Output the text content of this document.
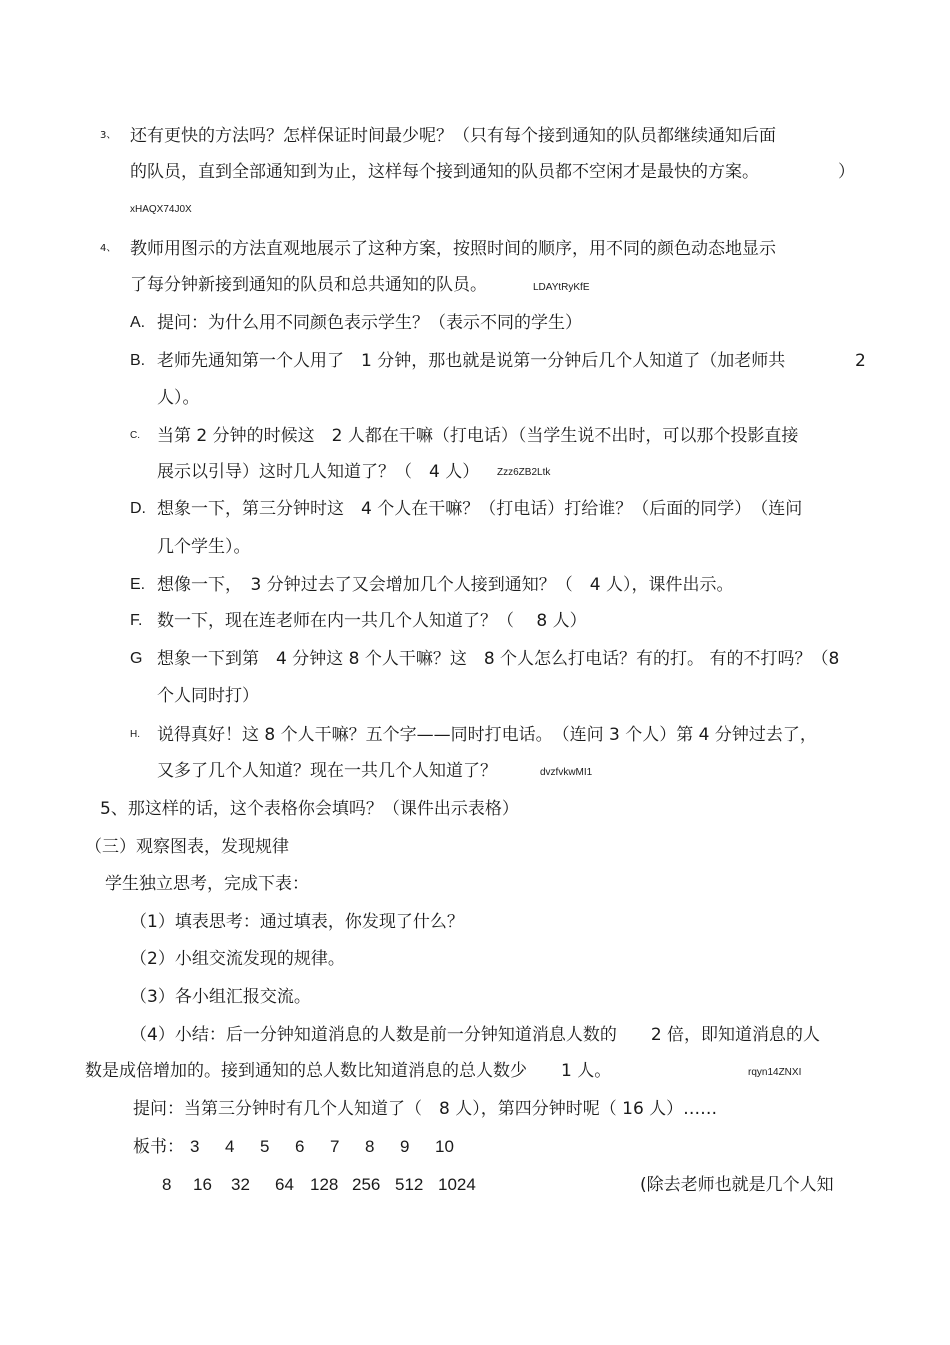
3、 还有更快的方法吗？怎样保证时间最少呢？（只有每个接到通知的队员都继续通知后面
的队员，直到全部通知到为止，这样每个接到通知的队员都不空闲才是最快的方案。	）
xHAQX74J0X
4、 教师用图示的方法直观地展示了这种方案，按照时间的顺序，用不同的颜色动态地显示
了每分钟新接到通知的队员和总共通知的队员。	LDAYtRyKfE
A. 提问：为什么用不同颜色表示学生？（表示不同的学生）
B. 老师先通知第一个人用了　1 分钟，那也就是说第一分钟后几个人知道了（加老师共	2
人）。
C. 当第 2 分钟的时候这　2 人都在干嘛（打电话）（当学生说不出时，可以那个投影直接
展示以引导）这时几人知道了？（　4 人） Zzz6ZB2Ltk
D. 想象一下，第三分钟时这　4 个人在干嘛？（打电话）打给谁？（后面的同学）　（连问
几个学生）。
E. 想像一下，　3 分钟过去了又会增加几个人接到通知？（　4 人），课件出示。
F. 数一下，现在连老师在内一共几个人知道了？（　 8 人）
G 想象一下到第　4 分钟这 8 个人干嘛？这　8 个人怎么打电话？有的打。 有的不打吗？（8
个人同时打）
H. 说得真好！这 8 个人干嘛？五个字——同时打电话。　（连问 3 个人）第 4 分钟过去了，
又多了几个人知道？现在一共几个人知道了？	dvzfvkwMI1
5、那这样的话，这个表格你会填吗？（课件出示表格）
（三）观察图表，发现规律
学生独立思考，完成下表：
（1）填表思考：通过填表，你发现了什么？
（2）小组交流发现的规律。
（3）各小组汇报交流。
（4）小结：后一分钟知道消息的人数是前一分钟知道消息人数的　　2 倍，即知道消息的人
数是成倍增加的。接到通知的总人数比知道消息的总人数少　　1 人。	rqyn14ZNXI
提问：当第三分钟时有几个人知道了（　8 人），第四分钟时呢（ 16 人）……
板书： 3 4 5 6 7 8 9 10
8 16 32 64 128 256 512 1024	(除去老师也就是几个人知
